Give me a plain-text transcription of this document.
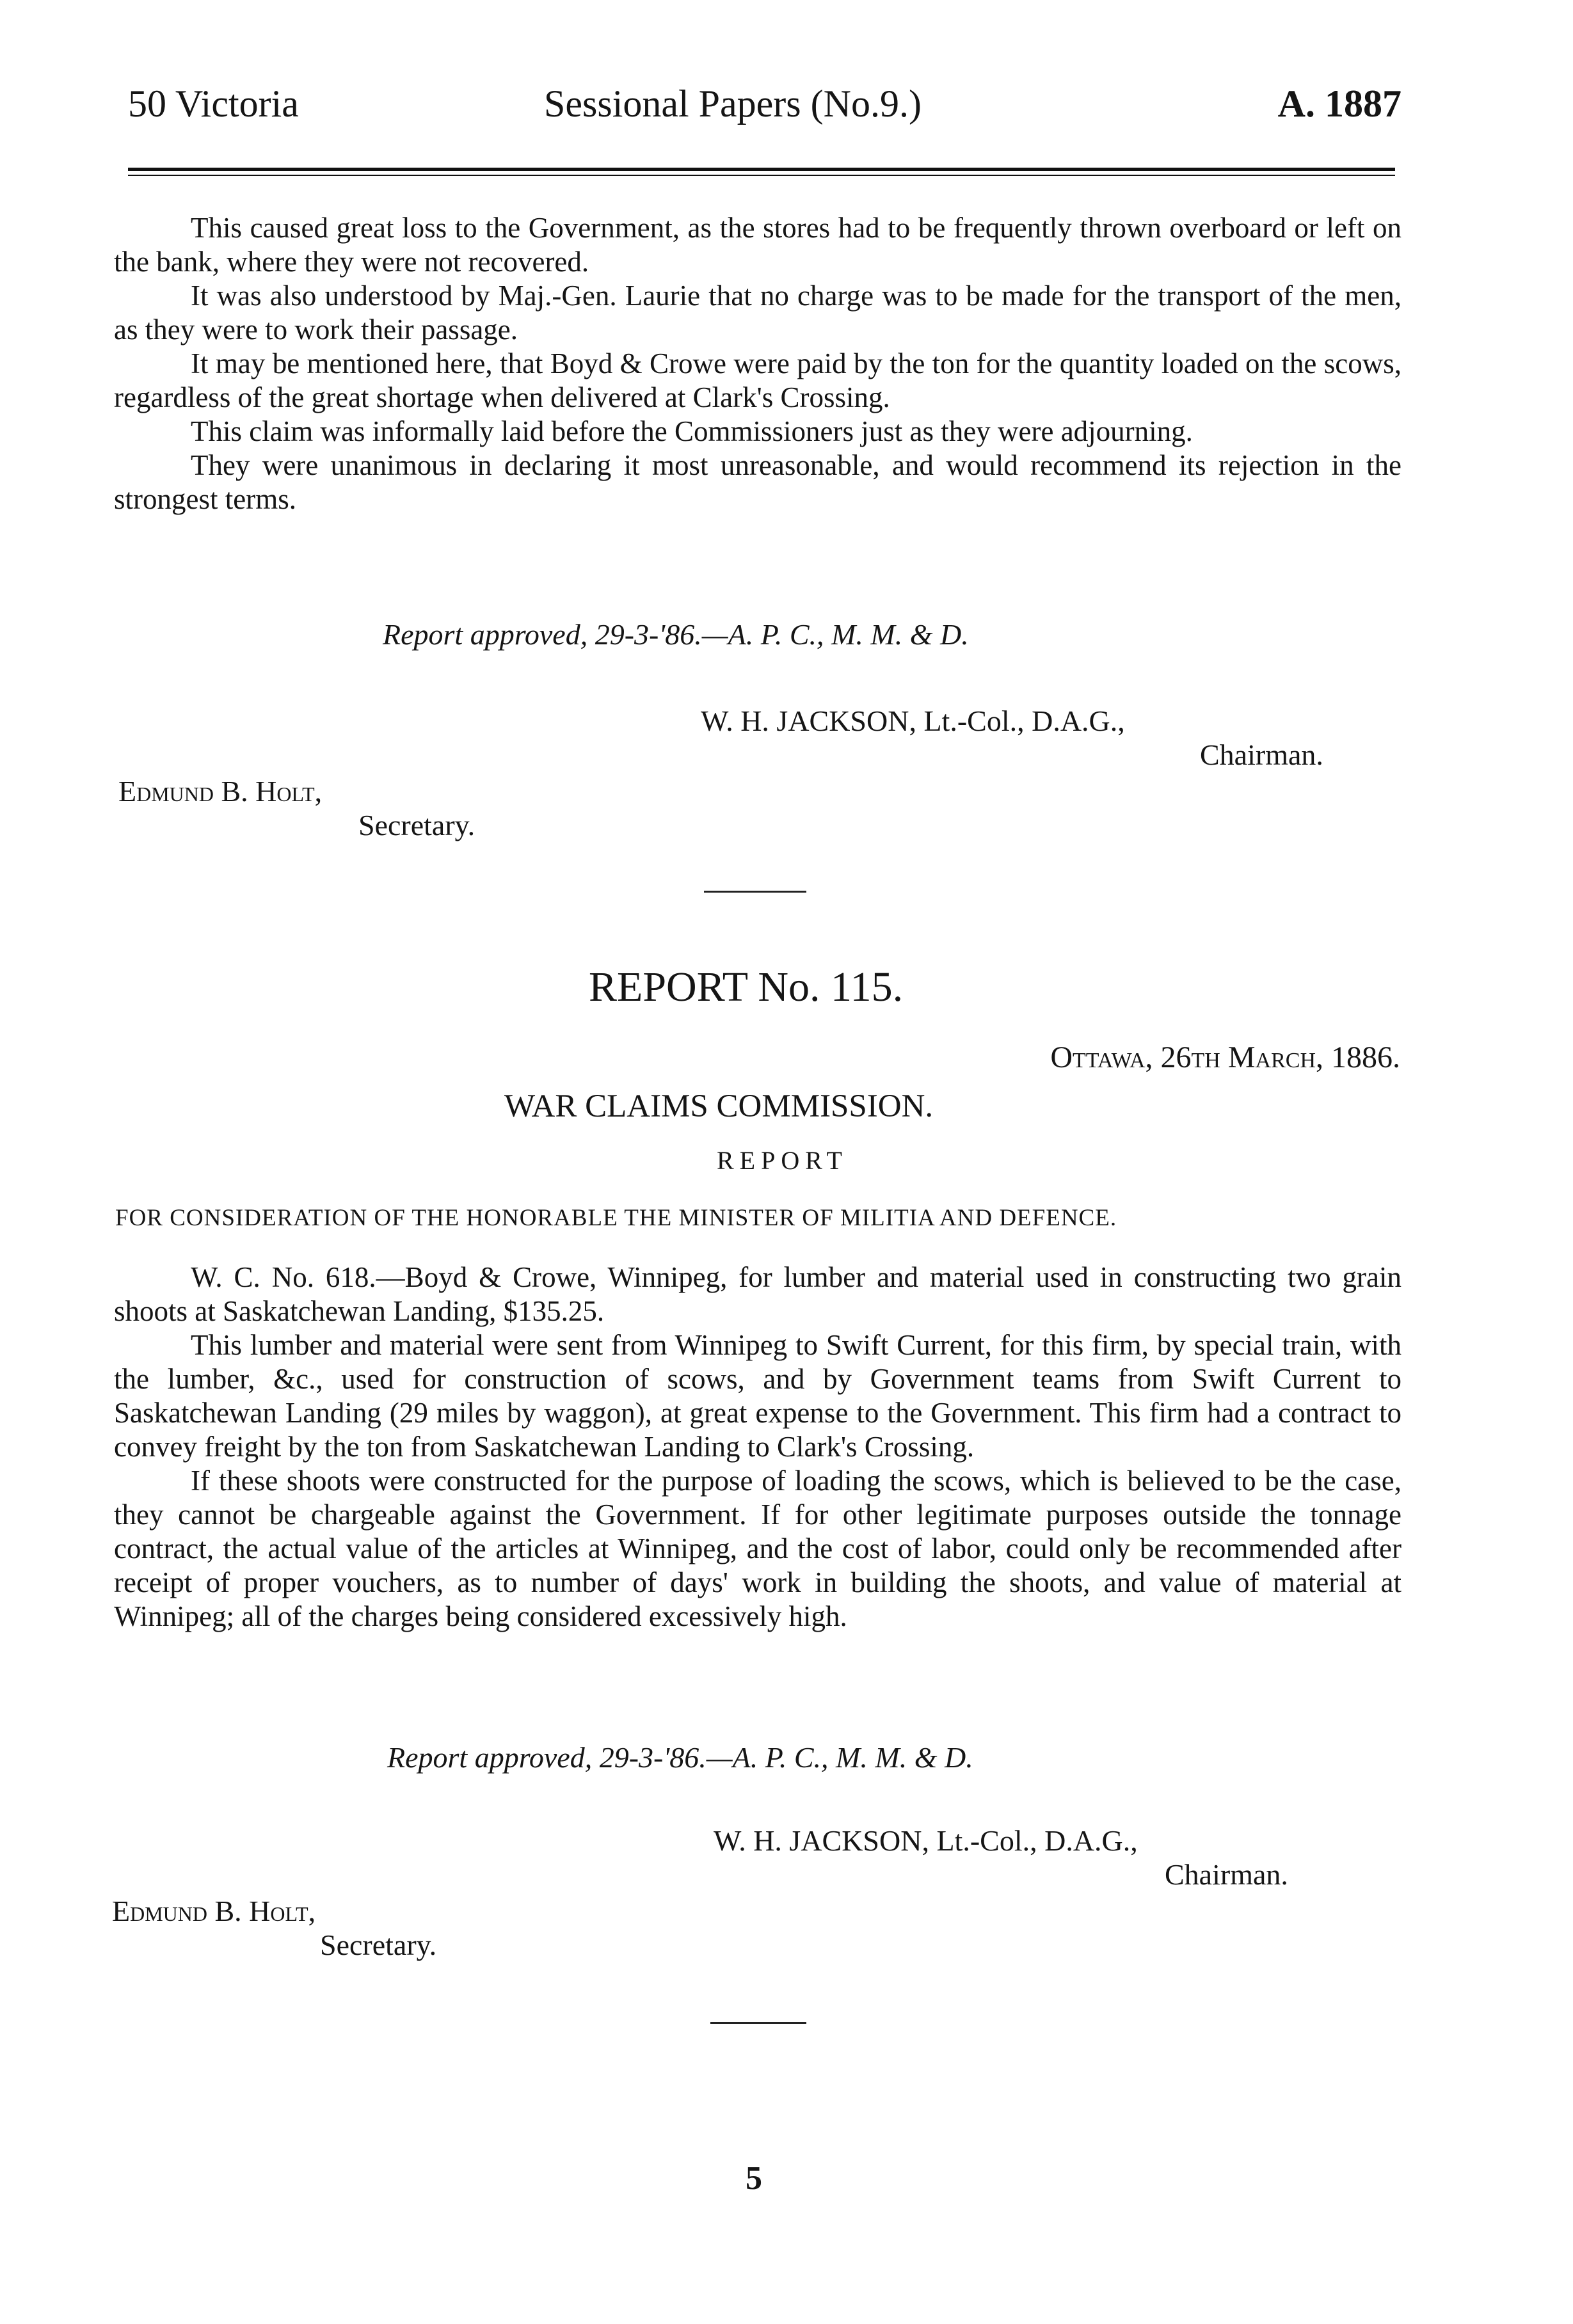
50 Victoria	Sessional Papers (No.9.)	A. 1887

This caused great loss to the Government, as the stores had to be frequently thrown overboard or left on the bank, where they were not recovered.

It was also understood by Maj.-Gen. Laurie that no charge was to be made for the transport of the men, as they were to work their passage.

It may be mentioned here, that Boyd & Crowe were paid by the ton for the quantity loaded on the scows, regardless of the great shortage when delivered at Clark's Crossing.

This claim was informally laid before the Commissioners just as they were adjourning.

They were unanimous in declaring it most unreasonable, and would recommend its rejection in the strongest terms.

Report approved, 29-3-'86.—A. P. C., M. M. & D.
W. H. JACKSON, Lt.-Col., D.A.G.,
Chairman.
Edmund B. Holt,
Secretary.
REPORT No. 115.
Ottawa, 26th March, 1886.
WAR CLAIMS COMMISSION.
REPORT
FOR CONSIDERATION OF THE HONORABLE THE MINISTER OF MILITIA AND DEFENCE.

W. C. No. 618.—Boyd & Crowe, Winnipeg, for lumber and material used in constructing two grain shoots at Saskatchewan Landing, $135.25.

This lumber and material were sent from Winnipeg to Swift Current, for this firm, by special train, with the lumber, &c., used for construction of scows, and by Government teams from Swift Current to Saskatchewan Landing (29 miles by waggon), at great expense to the Government. This firm had a contract to convey freight by the ton from Saskatchewan Landing to Clark's Crossing.

If these shoots were constructed for the purpose of loading the scows, which is believed to be the case, they cannot be chargeable against the Government. If for other legitimate purposes outside the tonnage contract, the actual value of the articles at Winnipeg, and the cost of labor, could only be recommended after receipt of proper vouchers, as to number of days' work in building the shoots, and value of material at Winnipeg; all of the charges being considered excessively high.

Report approved, 29-3-'86.—A. P. C., M. M. & D.
W. H. JACKSON, Lt.-Col., D.A.G.,
Chairman.
Edmund B. Holt,
Secretary.
5
